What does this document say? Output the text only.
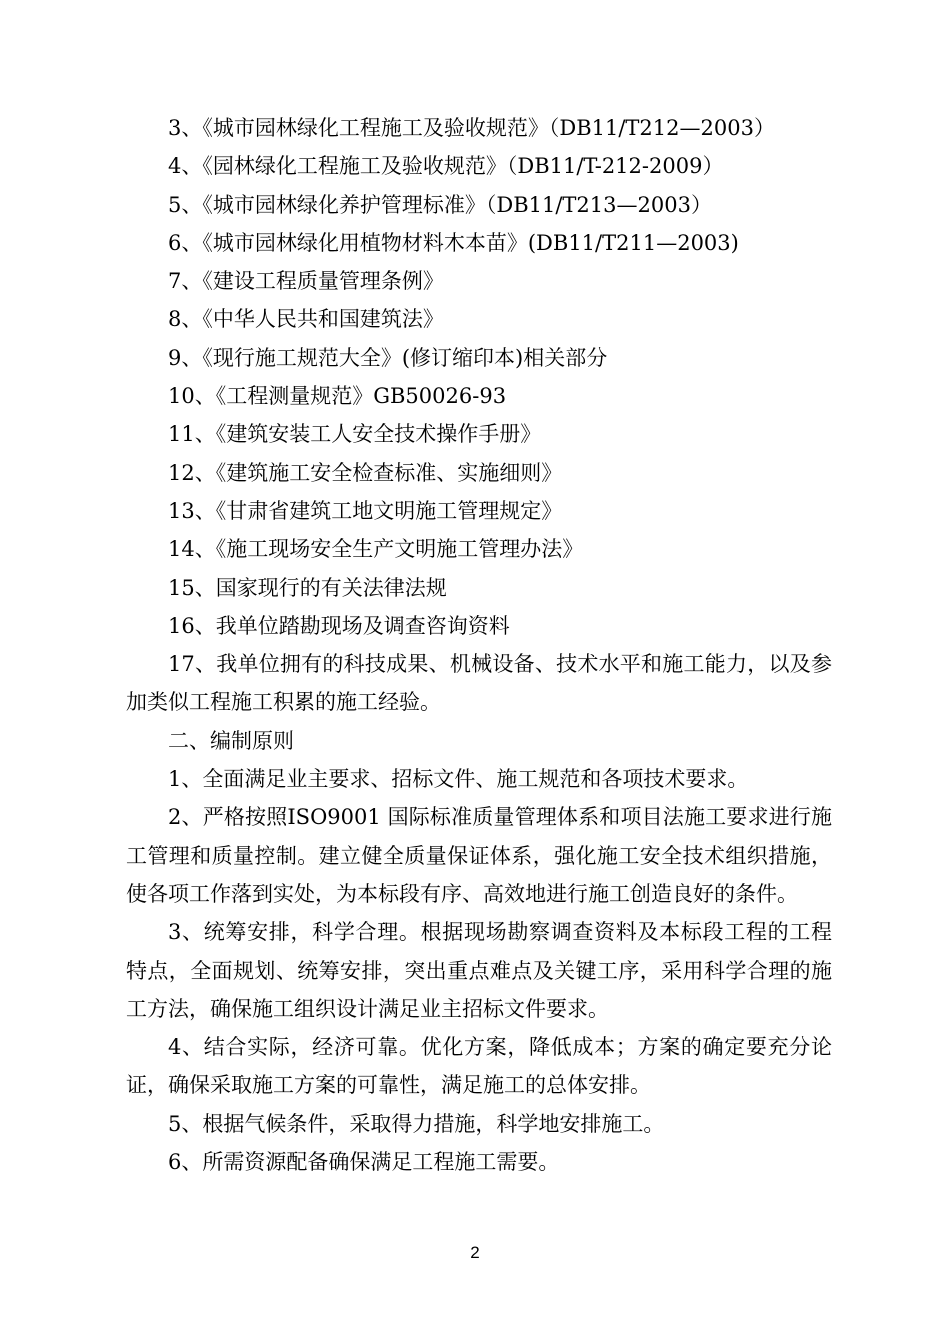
3、《城市园林绿化工程施工及验收规范》（DB11/T212—2003）

4、《园林绿化工程施工及验收规范》（DB11/T-212-2009）

5、《城市园林绿化养护管理标准》（DB11/T213—2003）

6、《城市园林绿化用植物材料木本苗》(DB11/T211—2003)

7、《建设工程质量管理条例》

8、《中华人民共和国建筑法》

9、《现行施工规范大全》(修订缩印本)相关部分

10、《工程测量规范》GB50026-93

11、《建筑安装工人安全技术操作手册》

12、《建筑施工安全检查标准、实施细则》

13、《甘肃省建筑工地文明施工管理规定》

14、《施工现场安全生产文明施工管理办法》

15、国家现行的有关法律法规

16、我单位踏勘现场及调查咨询资料

17、我单位拥有的科技成果、机械设备、技术水平和施工能力，以及参加类似工程施工积累的施工经验。

二、编制原则

1、全面满足业主要求、招标文件、施工规范和各项技术要求。

2、严格按照ISO9001 国际标准质量管理体系和项目法施工要求进行施工管理和质量控制。建立健全质量保证体系，强化施工安全技术组织措施，使各项工作落到实处，为本标段有序、高效地进行施工创造良好的条件。

3、统筹安排，科学合理。根据现场勘察调查资料及本标段工程的工程特点，全面规划、统筹安排，突出重点难点及关键工序，采用科学合理的施工方法，确保施工组织设计满足业主招标文件要求。

4、结合实际，经济可靠。优化方案，降低成本；方案的确定要充分论证，确保采取施工方案的可靠性，满足施工的总体安排。

5、根据气候条件，采取得力措施，科学地安排施工。

6、所需资源配备确保满足工程施工需要。

2
